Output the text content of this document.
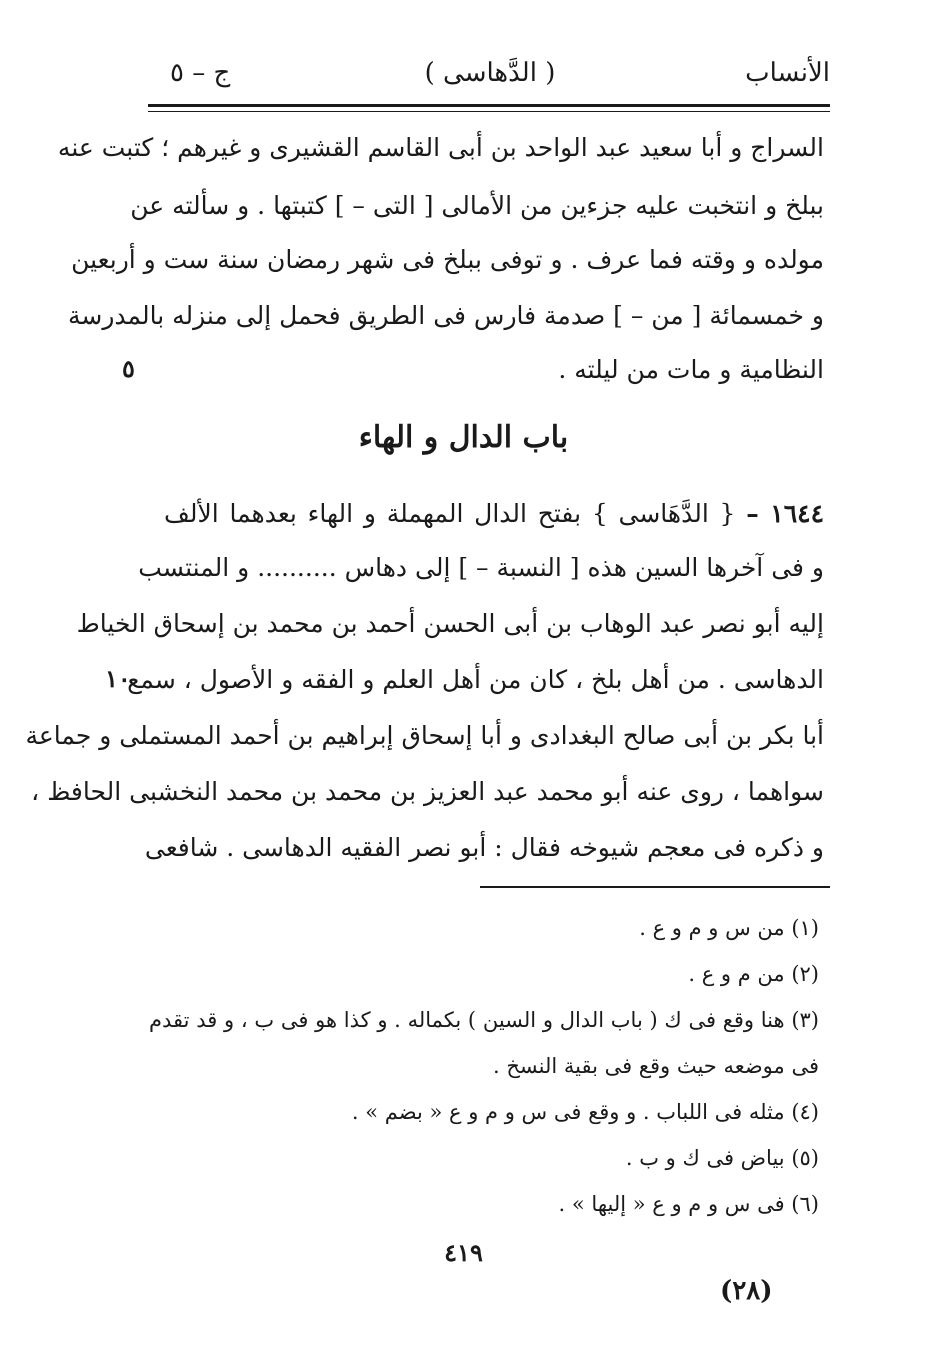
الأنساب
( الدَّهاسى )
ج – ٥
السراج و أبا سعيد عبد الواحد بن أبى القاسم القشيرى و غيرهم ؛ كتبت عنه
ببلخ و انتخبت عليه جزءين من الأمالى [ التى – ] كتبتها . و سألته عن
مولده و وقته فما عرف . و توفى ببلخ فى شهر رمضان سنة ست و أربعين
و خمسمائة [ من – ] صدمة فارس فى الطريق فحمل إلى منزله بالمدرسة
النظامية و مات من ليلته .
٥
باب الدال و الهاء
١٦٤٤ – { الدَّهَاسى } بفتح الدال المهملة و الهاء بعدهما الألف
و فى آخرها السين هذه [ النسبة – ] إلى دهاس .......... و المنتسب
إليه أبو نصر عبد الوهاب بن أبى الحسن أحمد بن محمد بن إسحاق الخياط
الدهاسى . من أهل بلخ ، كان من أهل العلم و الفقه و الأصول ، سمع
١٠
أبا بكر بن أبى صالح البغدادى و أبا إسحاق إبراهيم بن أحمد المستملى و جماعة
سواهما ، روى عنه أبو محمد عبد العزيز بن محمد بن محمد النخشبى الحافظ ،
و ذكره فى معجم شيوخه فقال : أبو نصر الفقيه الدهاسى . شافعى
(١) من س و م و ع .
(٢) من م و ع .
(٣) هنا وقع فى ك ( باب الدال و السين ) بكماله . و كذا هو فى ب ، و قد تقدم
فى موضعه حيث وقع فى بقية النسخ .
(٤) مثله فى اللباب . و وقع فى س و م و ع « بضم » .
(٥) بياض فى ك و ب .
(٦) فى س و م و ع « إليها » .
٤١٩
(٢٨)
